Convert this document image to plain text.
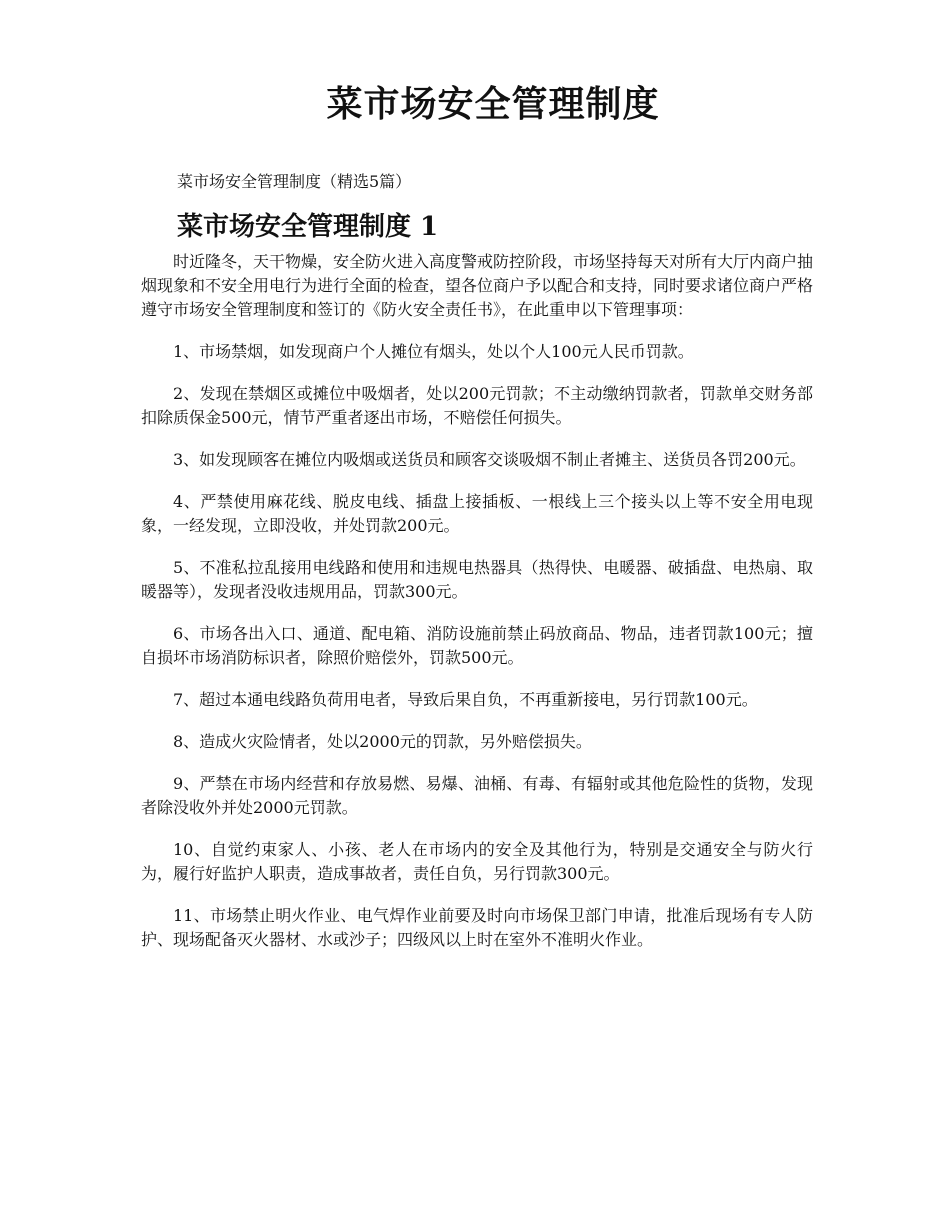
菜市场安全管理制度

菜市场安全管理制度（精选5篇）

菜市场安全管理制度 1

时近隆冬，天干物燥，安全防火进入高度警戒防控阶段，市场坚持每天对所有大厅内商户抽烟现象和不安全用电行为进行全面的检查，望各位商户予以配合和支持，同时要求诸位商户严格遵守市场安全管理制度和签订的《防火安全责任书》，在此重申以下管理事项：

1、市场禁烟，如发现商户个人摊位有烟头，处以个人100元人民币罚款。

2、发现在禁烟区或摊位中吸烟者，处以200元罚款；不主动缴纳罚款者，罚款单交财务部扣除质保金500元，情节严重者逐出市场，不赔偿任何损失。

3、如发现顾客在摊位内吸烟或送货员和顾客交谈吸烟不制止者摊主、送货员各罚200元。

4、严禁使用麻花线、脱皮电线、插盘上接插板、一根线上三个接头以上等不安全用电现象，一经发现，立即没收，并处罚款200元。

5、不准私拉乱接用电线路和使用和违规电热器具（热得快、电暖器、破插盘、电热扇、取暖器等），发现者没收违规用品，罚款300元。

6、市场各出入口、通道、配电箱、消防设施前禁止码放商品、物品，违者罚款100元；擅自损坏市场消防标识者，除照价赔偿外，罚款500元。

7、超过本通电线路负荷用电者，导致后果自负，不再重新接电，另行罚款100元。

8、造成火灾险情者，处以2000元的罚款，另外赔偿损失。

9、严禁在市场内经营和存放易燃、易爆、油桶、有毒、有辐射或其他危险性的货物，发现者除没收外并处2000元罚款。

10、自觉约束家人、小孩、老人在市场内的安全及其他行为，特别是交通安全与防火行为，履行好监护人职责，造成事故者，责任自负，另行罚款300元。

11、市场禁止明火作业、电气焊作业前要及时向市场保卫部门申请，批准后现场有专人防护、现场配备灭火器材、水或沙子；四级风以上时在室外不准明火作业。
